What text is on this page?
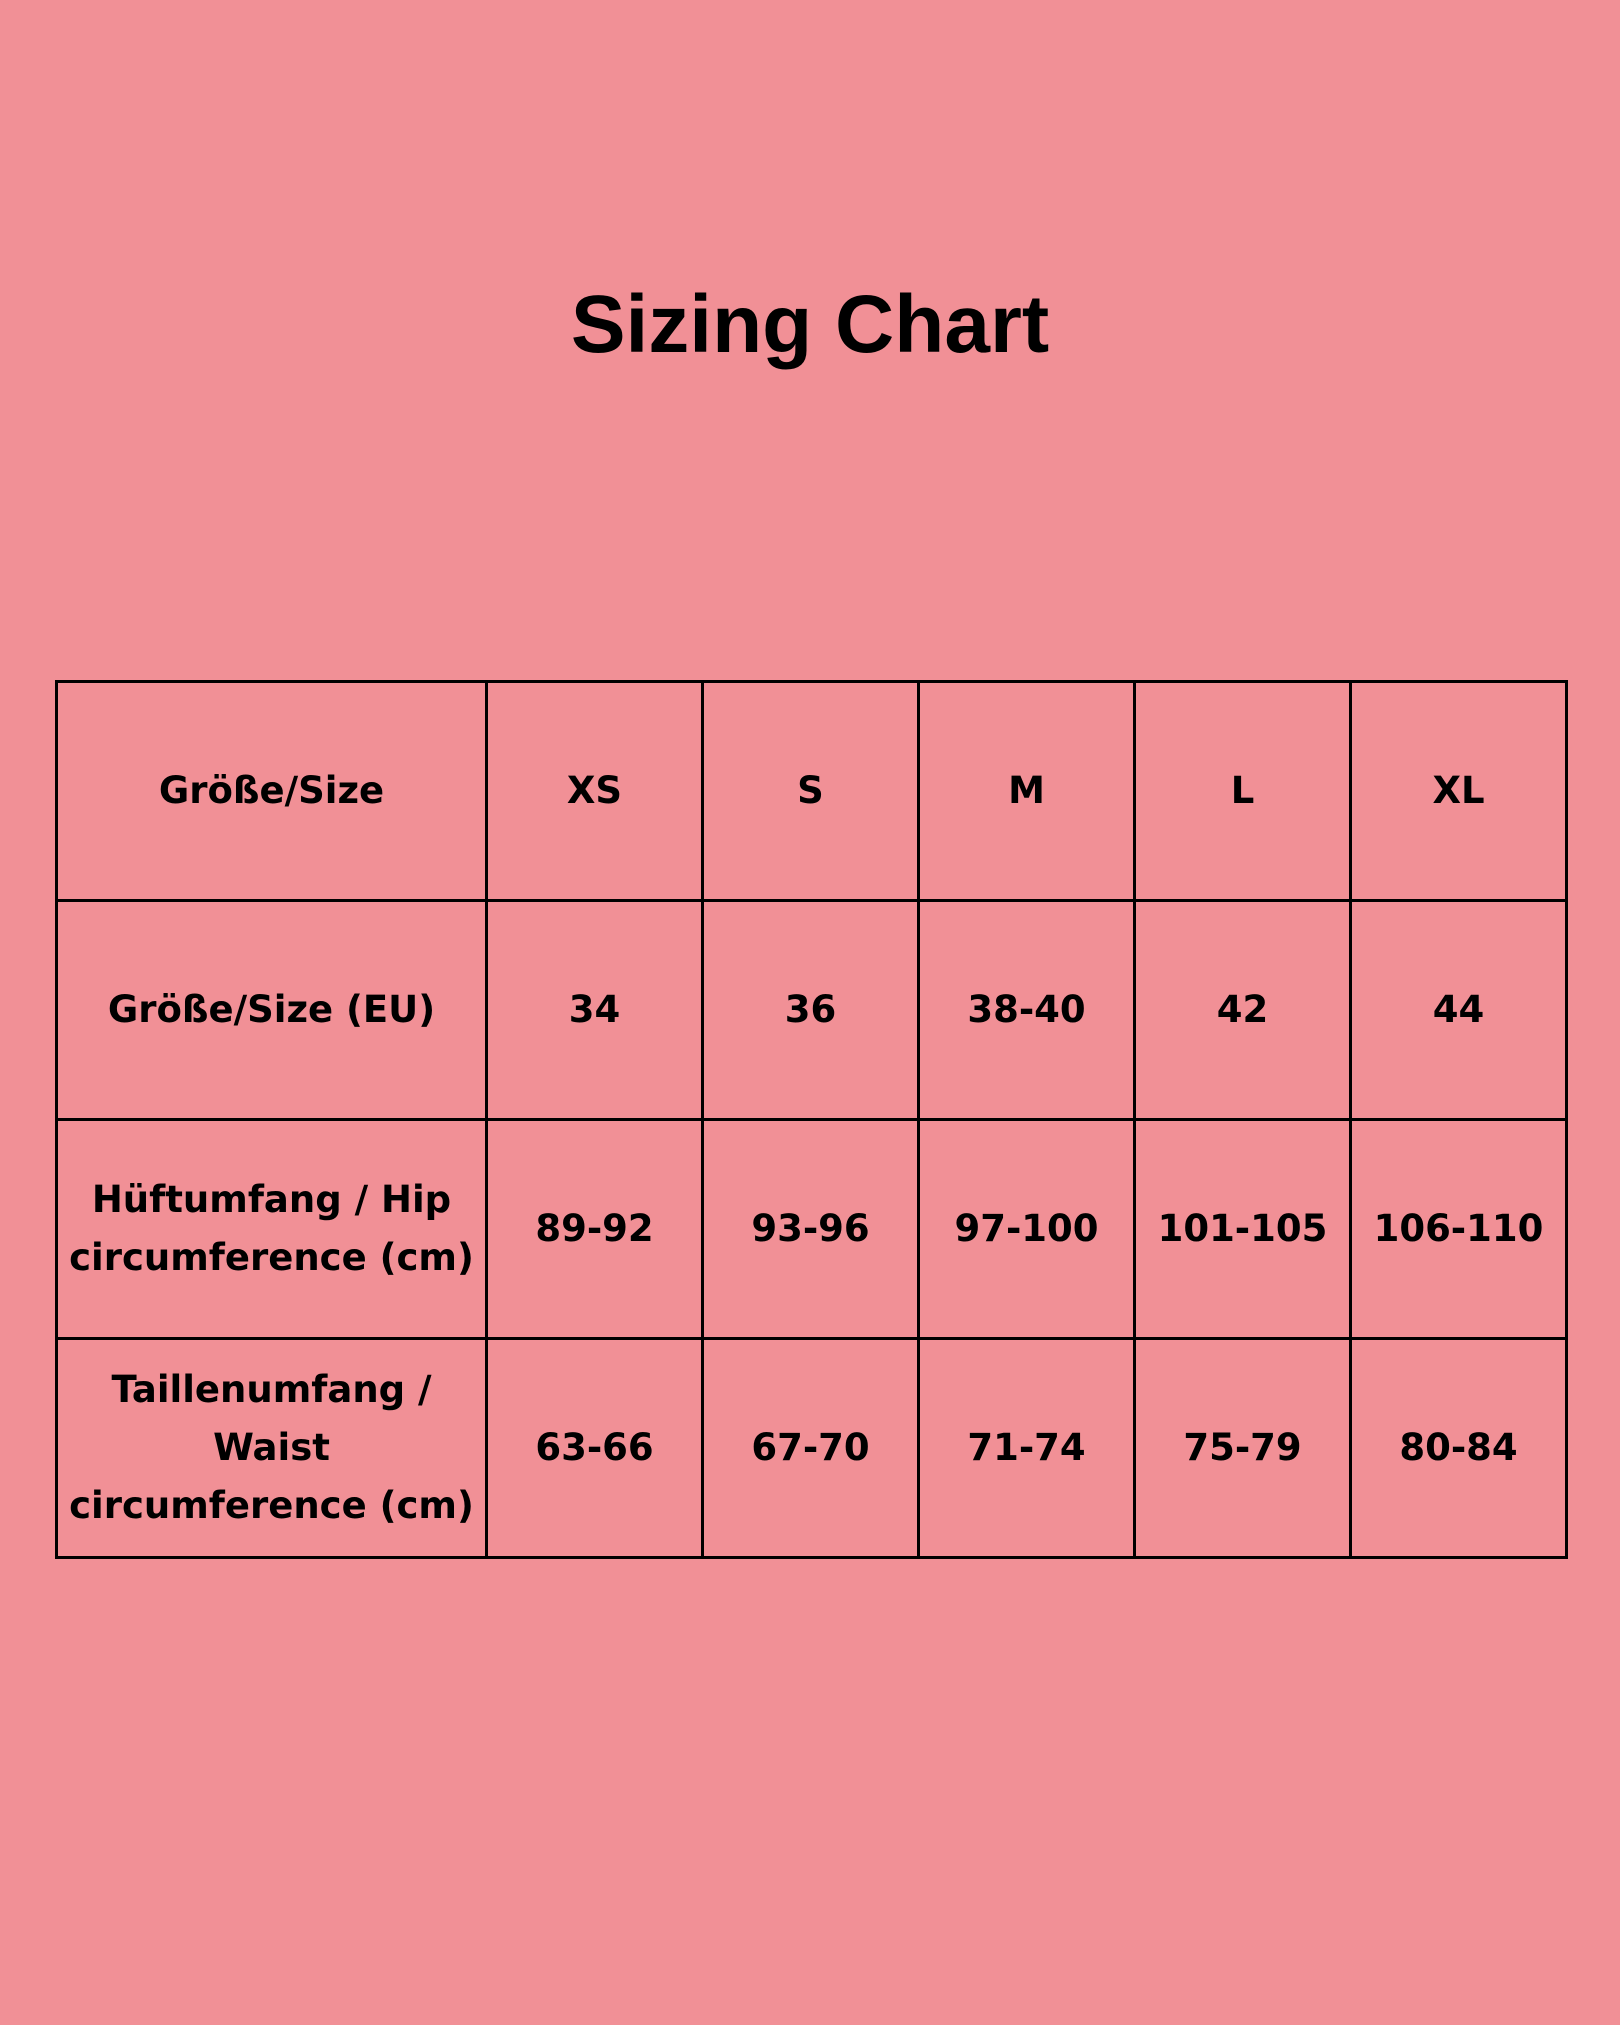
Sizing Chart
Größe/Size	XS	S	M	L	XL
Größe/Size (EU)	34	36	38-40	42	44
Hüftumfang / Hip
circumference (cm)	89-92	93-96	97-100	101-105	106-110
Taillenumfang /
Waist
circumference (cm)	63-66	67-70	71-74	75-79	80-84
